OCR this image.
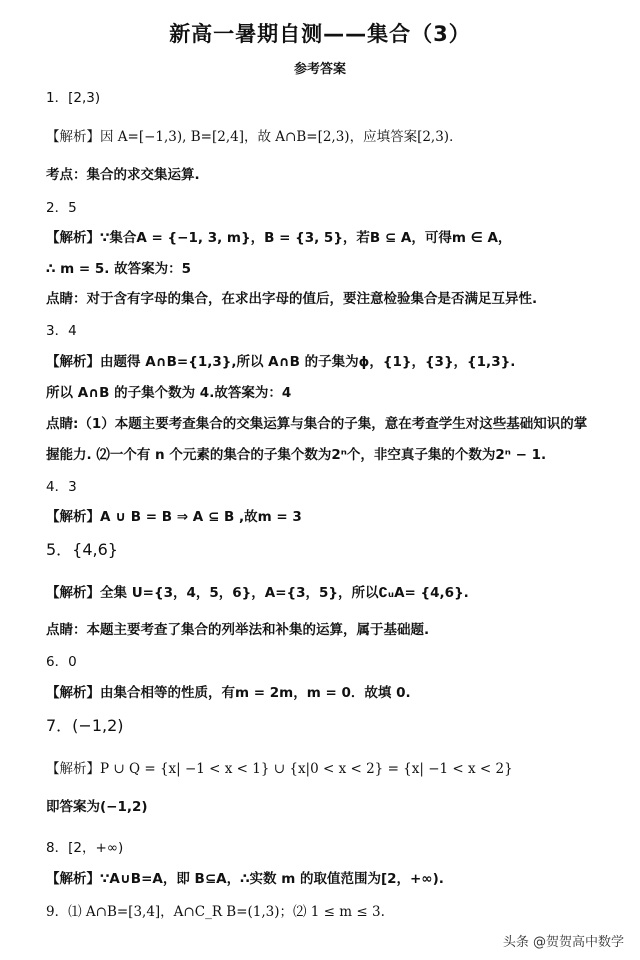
新高一暑期自测——集合（3）
参考答案
1．[2,3)
【解析】因 A=[−1,3), B=[2,4]，故 A∩B=[2,3)，应填答案[2,3)．
考点：集合的求交集运算.
2．5
【解析】∵集合A = {−1, 3, m}，B = {3, 5}，若B ⊆ A，可得m ∈ A，
∴ m = 5. 故答案为：5
点睛：对于含有字母的集合，在求出字母的值后，要注意检验集合是否满足互异性.
3．4
【解析】由题得 A∩B={1,3},所以 A∩B 的子集为ϕ，{1}，{3}，{1,3}.
所以 A∩B 的子集个数为 4.故答案为：4
点睛:（1）本题主要考查集合的交集运算与集合的子集，意在考查学生对这些基础知识的掌
握能力. ⑵一个有 n 个元素的集合的子集个数为2ⁿ个，非空真子集的个数为2ⁿ − 1.
4．3
【解析】A ∪ B = B ⇒ A ⊆ B ,故m = 3
5．{4,6}
【解析】全集 U={3，4，5，6}，A={3，5}，所以∁ᵤA= {4,6}.
点睛：本题主要考查了集合的列举法和补集的运算，属于基础题.
6．0
【解析】由集合相等的性质，有m = 2m，m = 0．故填 0.
7．(−1,2)
【解析】P ∪ Q = {x| −1 < x < 1} ∪ {x|0 < x < 2} = {x| −1 < x < 2}
即答案为(−1,2)
8．[2，+∞)
【解析】∵A∪B=A，即 B⊆A，∴实数 m 的取值范围为[2，+∞).
9．⑴ A∩B=[3,4]，A∩C_R B=(1,3)；⑵ 1 ≤ m ≤ 3.
头条 @贺贺高中数学
